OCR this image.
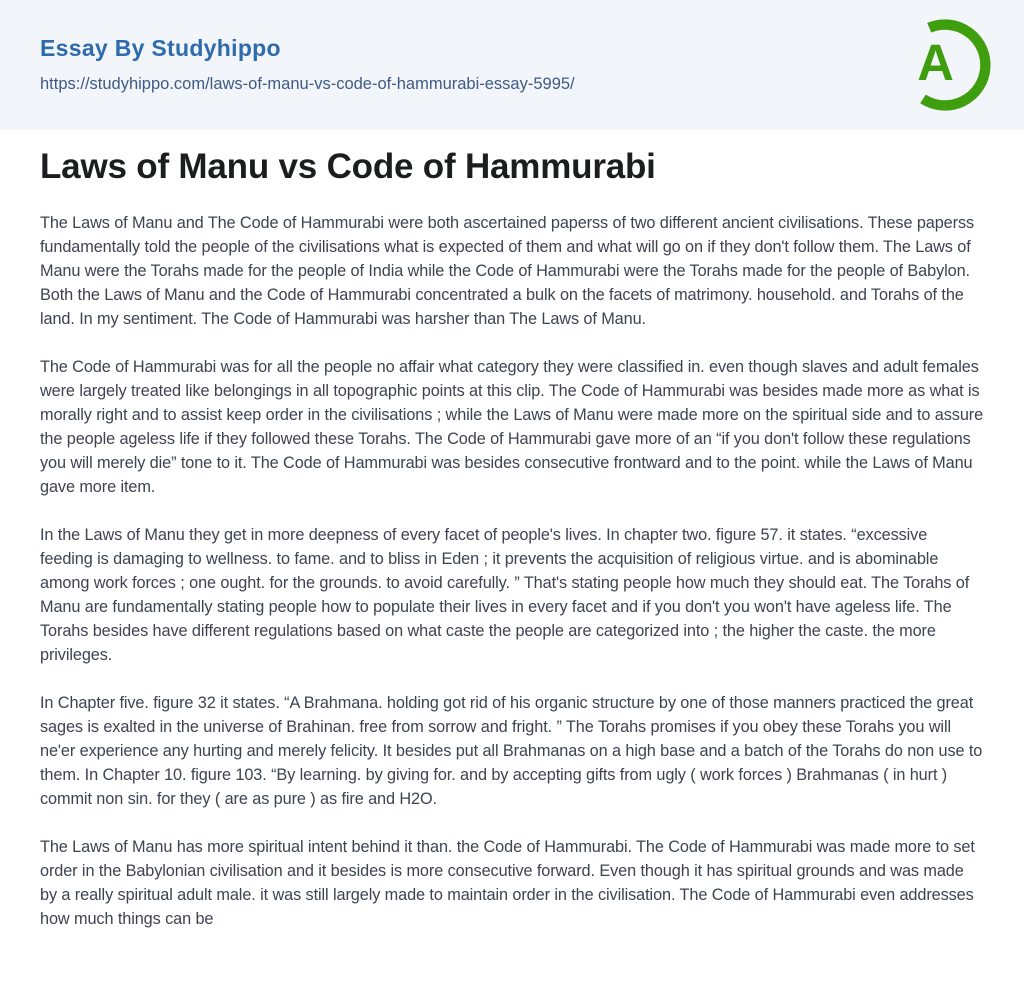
Essay By Studyhippo
https://studyhippo.com/laws-of-manu-vs-code-of-hammurabi-essay-5995/	A
Laws of Manu vs Code of Hammurabi

The Laws of Manu and The Code of Hammurabi were both ascertained paperss of two different ancient civilisations. These paperss fundamentally told the people of the civilisations what is expected of them and what will go on if they don't follow them. The Laws of Manu were the Torahs made for the people of India while the Code of Hammurabi were the Torahs made for the people of Babylon. Both the Laws of Manu and the Code of Hammurabi concentrated a bulk on the facets of matrimony. household. and Torahs of the land. In my sentiment. The Code of Hammurabi was harsher than The Laws of Manu.

The Code of Hammurabi was for all the people no affair what category they were classified in. even though slaves and adult females were largely treated like belongings in all topographic points at this clip. The Code of Hammurabi was besides made more as what is morally right and to assist keep order in the civilisations ; while the Laws of Manu were made more on the spiritual side and to assure the people ageless life if they followed these Torahs. The Code of Hammurabi gave more of an “if you don't follow these regulations you will merely die” tone to it. The Code of Hammurabi was besides consecutive frontward and to the point. while the Laws of Manu gave more item.

In the Laws of Manu they get in more deepness of every facet of people's lives. In chapter two. figure 57. it states. “excessive feeding is damaging to wellness. to fame. and to bliss in Eden ; it prevents the acquisition of religious virtue. and is abominable among work forces ; one ought. for the grounds. to avoid carefully. ” That's stating people how much they should eat. The Torahs of Manu are fundamentally stating people how to populate their lives in every facet and if you don't you won't have ageless life. The Torahs besides have different regulations based on what caste the people are categorized into ; the higher the caste. the more privileges.

In Chapter five. figure 32 it states. “A Brahmana. holding got rid of his organic structure by one of those manners practiced the great sages is exalted in the universe of Brahinan. free from sorrow and fright. ” The Torahs promises if you obey these Torahs you will ne'er experience any hurting and merely felicity. It besides put all Brahmanas on a high base and a batch of the Torahs do non use to them. In Chapter 10. figure 103. “By learning. by giving for. and by accepting gifts from ugly ( work forces ) Brahmanas ( in hurt ) commit non sin. for they ( are as pure ) as fire and H2O.

The Laws of Manu has more spiritual intent behind it than. the Code of Hammurabi. The Code of Hammurabi was made more to set order in the Babylonian civilisation and it besides is more consecutive forward. Even though it has spiritual grounds and was made by a really spiritual adult male. it was still largely made to maintain order in the civilisation. The Code of Hammurabi even addresses how much things can be
